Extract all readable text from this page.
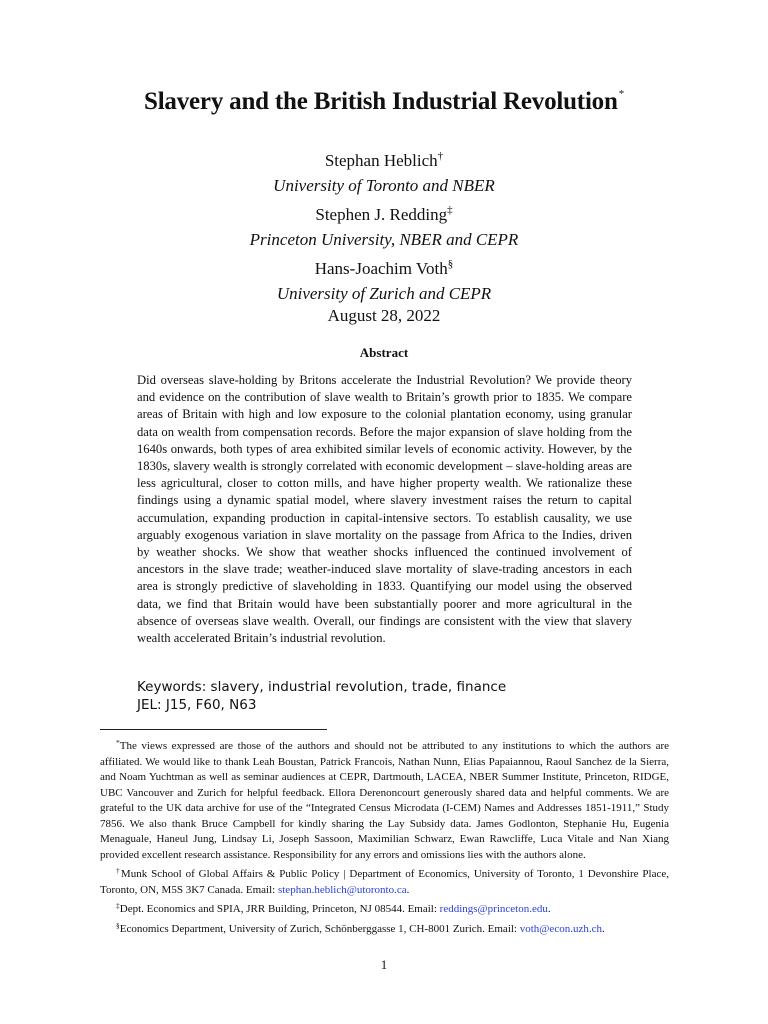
Slavery and the British Industrial Revolution*
Stephan Heblich†
University of Toronto and NBER
Stephen J. Redding‡
Princeton University, NBER and CEPR
Hans-Joachim Voth§
University of Zurich and CEPR
August 28, 2022
Abstract
Did overseas slave-holding by Britons accelerate the Industrial Revolution? We provide theory and evidence on the contribution of slave wealth to Britain’s growth prior to 1835. We compare areas of Britain with high and low exposure to the colonial plantation economy, using granular data on wealth from compensation records. Before the major expansion of slave holding from the 1640s onwards, both types of area exhibited similar levels of economic activity. However, by the 1830s, slavery wealth is strongly correlated with economic development – slave-holding areas are less agricultural, closer to cotton mills, and have higher property wealth. We rationalize these findings using a dynamic spatial model, where slavery investment raises the return to capital accumulation, expanding production in capital-intensive sectors. To establish causality, we use arguably exogenous variation in slave mortality on the passage from Africa to the Indies, driven by weather shocks. We show that weather shocks influenced the continued involvement of ancestors in the slave trade; weather-induced slave mortality of slave-trading ancestors in each area is strongly predictive of slaveholding in 1833. Quantifying our model using the observed data, we find that Britain would have been substantially poorer and more agricultural in the absence of overseas slave wealth. Overall, our findings are consistent with the view that slavery wealth accelerated Britain’s industrial revolution.
Keywords: slavery, industrial revolution, trade, finance
JEL: J15, F60, N63

*The views expressed are those of the authors and should not be attributed to any institutions to which the authors are affiliated. We would like to thank Leah Boustan, Patrick Francois, Nathan Nunn, Elias Papaiannou, Raoul Sanchez de la Sierra, and Noam Yuchtman as well as seminar audiences at CEPR, Dartmouth, LACEA, NBER Summer Institute, Princeton, RIDGE, UBC Vancouver and Zurich for helpful feedback. Ellora Derenoncourt generously shared data and helpful comments. We are grateful to the UK data archive for use of the “Integrated Census Microdata (I-CEM) Names and Addresses 1851-1911,” Study 7856. We also thank Bruce Campbell for kindly sharing the Lay Subsidy data. James Godlonton, Stephanie Hu, Eugenia Menaguale, Haneul Jung, Lindsay Li, Joseph Sassoon, Maximilian Schwarz, Ewan Rawcliffe, Luca Vitale and Nan Xiang provided excellent research assistance. Responsibility for any errors and omissions lies with the authors alone.

†Munk School of Global Affairs & Public Policy | Department of Economics, University of Toronto, 1 Devonshire Place, Toronto, ON, M5S 3K7 Canada. Email: stephan.heblich@utoronto.ca.

‡Dept. Economics and SPIA, JRR Building, Princeton, NJ 08544. Email: reddings@princeton.edu.

§Economics Department, University of Zurich, Schönberggasse 1, CH-8001 Zurich. Email: voth@econ.uzh.ch.

1
